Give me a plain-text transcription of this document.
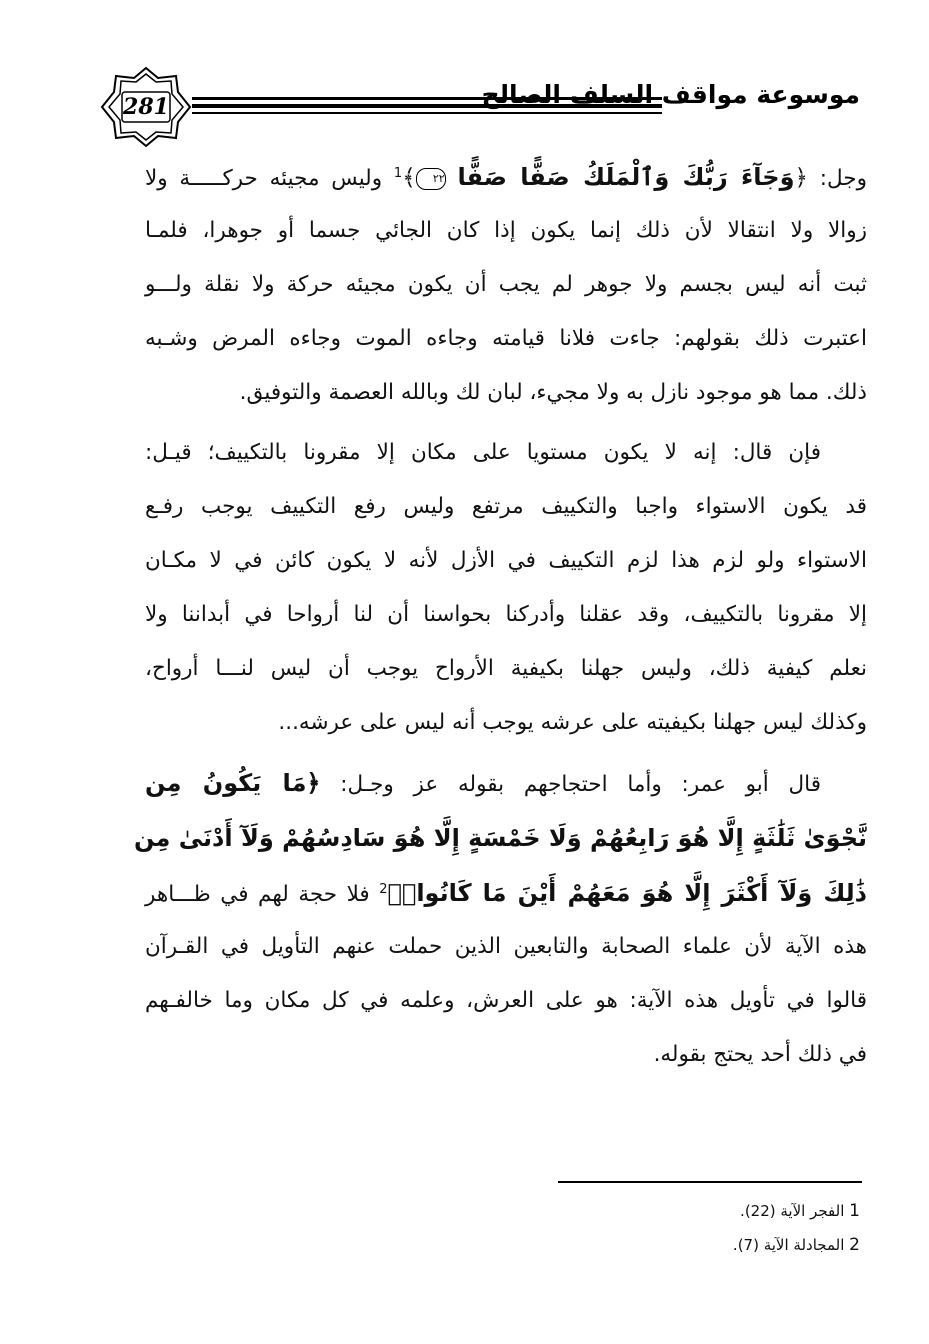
281	موسوعة مواقف السلف الصالح
وجل: ﴿وَجَآءَ رَبُّكَ وَٱلْمَلَكُ صَفًّا صَفًّا ٢٢﴾$^1$ وليس مجيئه حركـــــة ولا
زوالا ولا انتقالا لأن ذلك إنما يكون إذا كان الجائي جسما أو جوهرا، فلمـا
ثبت أنه ليس بجسم ولا جوهر لم يجب أن يكون مجيئه حركة ولا نقلة ولـــو
اعتبرت ذلك بقولهم: جاءت فلانا قيامته وجاءه الموت وجاءه المرض وشـبه
ذلك. مما هو موجود نازل به ولا مجيء، لبان لك وبالله العصمة والتوفيق.
فإن قال: إنه لا يكون مستويا على مكان إلا مقرونا بالتكييف؛ قيـل:
قد يكون الاستواء واجبا والتكييف مرتفع وليس رفع التكييف يوجب رفـع
الاستواء ولو لزم هذا لزم التكييف في الأزل لأنه لا يكون كائن في لا مكـان
إلا مقرونا بالتكييف، وقد عقلنا وأدركنا بحواسنا أن لنا أرواحا في أبداننا ولا
نعلم كيفية ذلك، وليس جهلنا بكيفية الأرواح يوجب أن ليس لنـــا أرواح،
وكذلك ليس جهلنا بكيفيته على عرشه يوجب أنه ليس على عرشه...
قال أبو عمر: وأما احتجاجهم بقوله عز وجـل: ﴿مَا يَكُونُ مِن
نَّجْوَىٰ ثَلَٰثَةٍ إِلَّا هُوَ رَابِعُهُمْ وَلَا خَمْسَةٍ إِلَّا هُوَ سَادِسُهُمْ وَلَآ أَدْنَىٰ مِن
ذَٰلِكَ وَلَآ أَكْثَرَ إِلَّا هُوَ مَعَهُمْ أَيْنَ مَا كَانُوا۟﴾$^2$ فلا حجة لهم في ظـــاهر
هذه الآية لأن علماء الصحابة والتابعين الذين حملت عنهم التأويل في القـرآن
قالوا في تأويل هذه الآية: هو على العرش، وعلمه في كل مكان وما خالفـهم
في ذلك أحد يحتج بقوله.
1 الفجر الآية (22).
2 المجادلة الآية (7).
